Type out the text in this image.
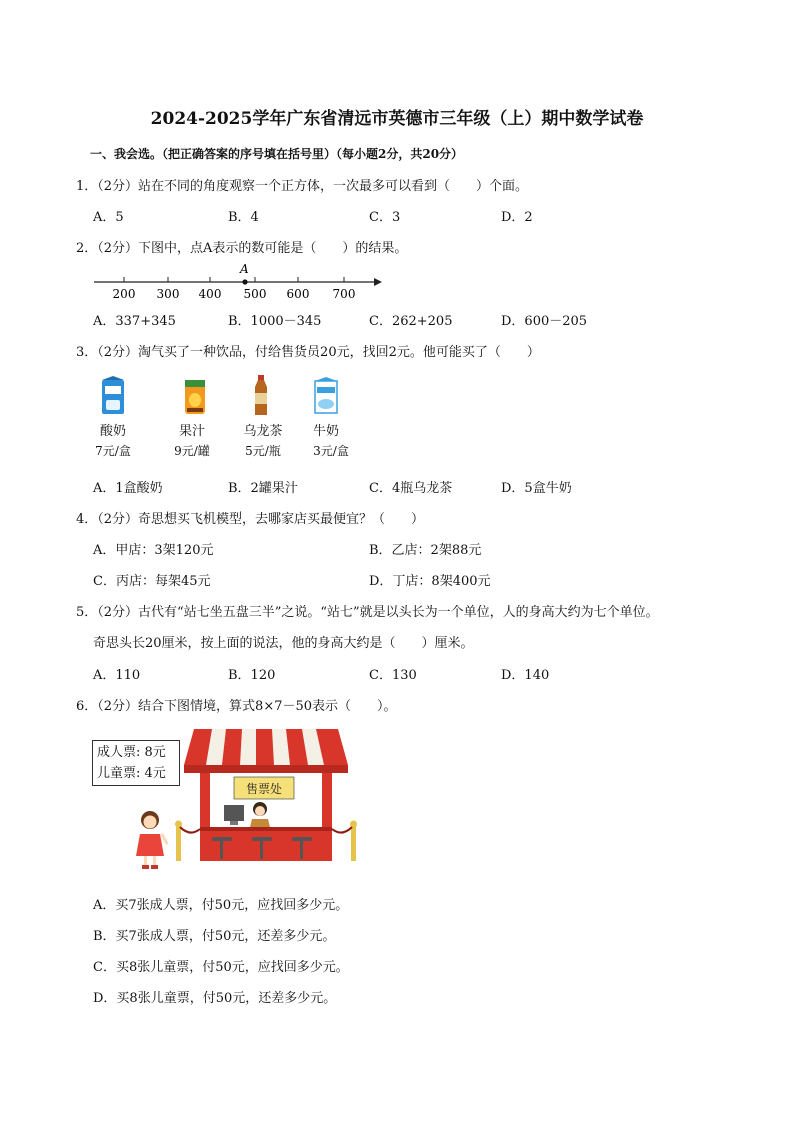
2024-2025学年广东省清远市英德市三年级（上）期中数学试卷
一、我会选。（把正确答案的序号填在括号里）（每小题2分，共20分）
1．（2分）站在不同的角度观察一个正方体，一次最多可以看到（　　）个面。
A．5	B．4	C．3	D．2
2．（2分）下图中，点A表示的数可能是（　　）的结果。
A
200 300 400 500 600 700
A．337+345	B．1000－345	C．262+205	D．600－205
3．（2分）淘气买了一种饮品，付给售货员20元，找回2元。他可能买了（　　）
酸奶
7元/盒
果汁
9元/罐
乌龙茶
5元/瓶
牛奶
3元/盒
A．1盒酸奶	B．2罐果汁	C．4瓶乌龙茶	D．5盒牛奶
4．（2分）奇思想买飞机模型，去哪家店买最便宜？（　　）
A．甲店：3架120元	B．乙店：2架88元
C．丙店：每架45元	D．丁店：8架400元
5．（2分）古代有“站七坐五盘三半”之说。“站七”就是以头长为一个单位，人的身高大约为七个单位。
奇思头长20厘米，按上面的说法，他的身高大约是（　　）厘米。
A．110	B．120	C．130	D．140
6．（2分）结合下图情境，算式8×7－50表示（　　）。
成人票: 8元
儿童票: 4元
售票处
A．买7张成人票，付50元，应找回多少元。
B．买7张成人票，付50元，还差多少元。
C．买8张儿童票，付50元，应找回多少元。
D．买8张儿童票，付50元，还差多少元。
